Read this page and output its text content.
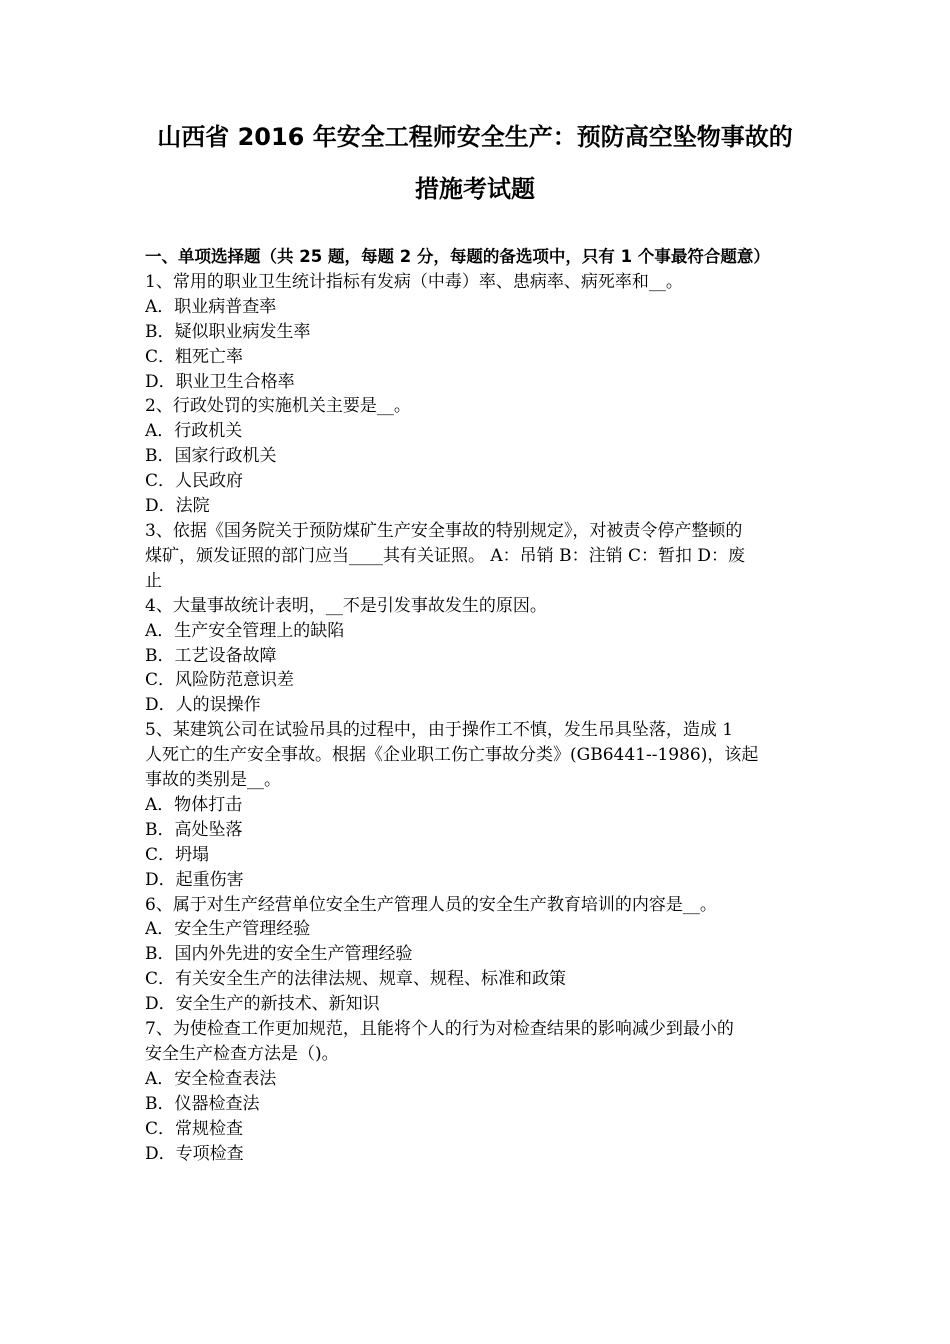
山西省 2016 年安全工程师安全生产：预防高空坠物事故的
措施考试题
一、单项选择题（共 25 题，每题 2 分，每题的备选项中，只有 1 个事最符合题意）
1、常用的职业卫生统计指标有发病（中毒）率、患病率、病死率和__。
A．职业病普查率
B．疑似职业病发生率
C．粗死亡率
D．职业卫生合格率
2、行政处罚的实施机关主要是__。
A．行政机关
B．国家行政机关
C．人民政府
D．法院
3、依据《国务院关于预防煤矿生产安全事故的特别规定》，对被责令停产整顿的
煤矿，颁发证照的部门应当____其有关证照。 A：吊销 B：注销 C：暂扣 D：废
止
4、大量事故统计表明，__不是引发事故发生的原因。
A．生产安全管理上的缺陷
B．工艺设备故障
C．风险防范意识差
D．人的误操作
5、某建筑公司在试验吊具的过程中，由于操作工不慎，发生吊具坠落，造成 1
人死亡的生产安全事故。根据《企业职工伤亡事故分类》(GB6441--1986)，该起
事故的类别是__。
A．物体打击
B．高处坠落
C．坍塌
D．起重伤害
6、属于对生产经营单位安全生产管理人员的安全生产教育培训的内容是__。
A．安全生产管理经验
B．国内外先进的安全生产管理经验
C．有关安全生产的法律法规、规章、规程、标准和政策
D．安全生产的新技术、新知识
7、为使检查工作更加规范，且能将个人的行为对检查结果的影响减少到最小的
安全生产检查方法是（)。
A．安全检查表法
B．仪器检查法
C．常规检查
D．专项检查
